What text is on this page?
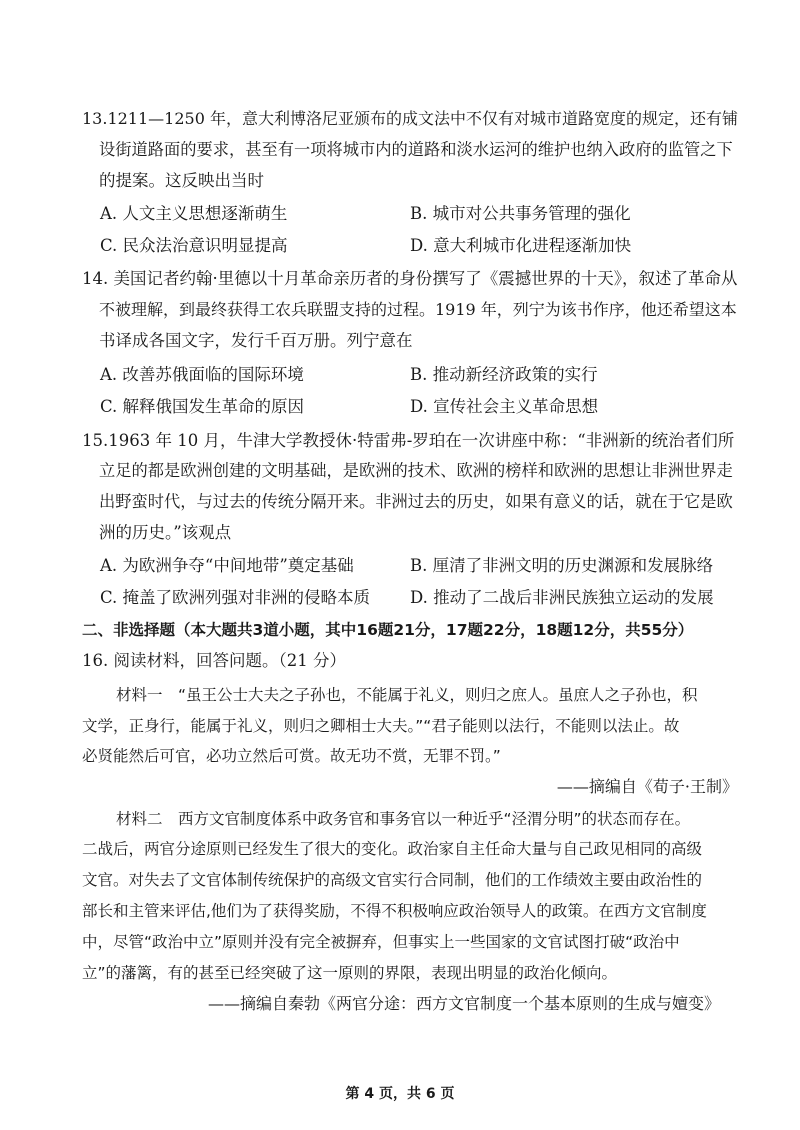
13.1211—1250 年，意大利博洛尼亚颁布的成文法中不仅有对城市道路宽度的规定，还有铺
设街道路面的要求，甚至有一项将城市内的道路和淡水运河的维护也纳入政府的监管之下
的提案。这反映出当时
A. 人文主义思想逐渐萌生	B. 城市对公共事务管理的强化
C. 民众法治意识明显提高	D. 意大利城市化进程逐渐加快
14. 美国记者约翰·里德以十月革命亲历者的身份撰写了《震撼世界的十天》，叙述了革命从
不被理解，到最终获得工农兵联盟支持的过程。1919 年，列宁为该书作序，他还希望这本
书译成各国文字，发行千百万册。列宁意在
A. 改善苏俄面临的国际环境	B. 推动新经济政策的实行
C. 解释俄国发生革命的原因	D. 宣传社会主义革命思想
15.1963 年 10 月，牛津大学教授休·特雷弗-罗珀在一次讲座中称：“非洲新的统治者们所
立足的都是欧洲创建的文明基础，是欧洲的技术、欧洲的榜样和欧洲的思想让非洲世界走
出野蛮时代，与过去的传统分隔开来。非洲过去的历史，如果有意义的话，就在于它是欧
洲的历史。”该观点
A. 为欧洲争夺“中间地带”奠定基础	B. 厘清了非洲文明的历史渊源和发展脉络
C. 掩盖了欧洲列强对非洲的侵略本质 D. 推动了二战后非洲民族独立运动的发展
二、非选择题（本大题共3道小题，其中16题21分，17题22分，18题12分，共55分）
16. 阅读材料，回答问题。（21 分）
材料一　“虽王公士大夫之子孙也，不能属于礼义，则归之庶人。虽庶人之子孙也，积
文学，正身行，能属于礼义，则归之卿相士大夫。”“君子能则以法行，不能则以法止。故
必贤能然后可官，必功立然后可赏。故无功不赏，无罪不罚。”
——摘编自《荀子·王制》
材料二　西方文官制度体系中政务官和事务官以一种近乎“泾渭分明”的状态而存在。
二战后，两官分途原则已经发生了很大的变化。政治家自主任命大量与自己政见相同的高级
文官。对失去了文官体制传统保护的高级文官实行合同制，他们的工作绩效主要由政治性的
部长和主管来评估,他们为了获得奖励，不得不积极响应政治领导人的政策。在西方文官制度
中，尽管“政治中立”原则并没有完全被摒弃，但事实上一些国家的文官试图打破“政治中
立”的藩篱，有的甚至已经突破了这一原则的界限，表现出明显的政治化倾向。
——摘编自秦勃《两官分途：西方文官制度一个基本原则的生成与嬗变》
第 4 页，共 6 页
